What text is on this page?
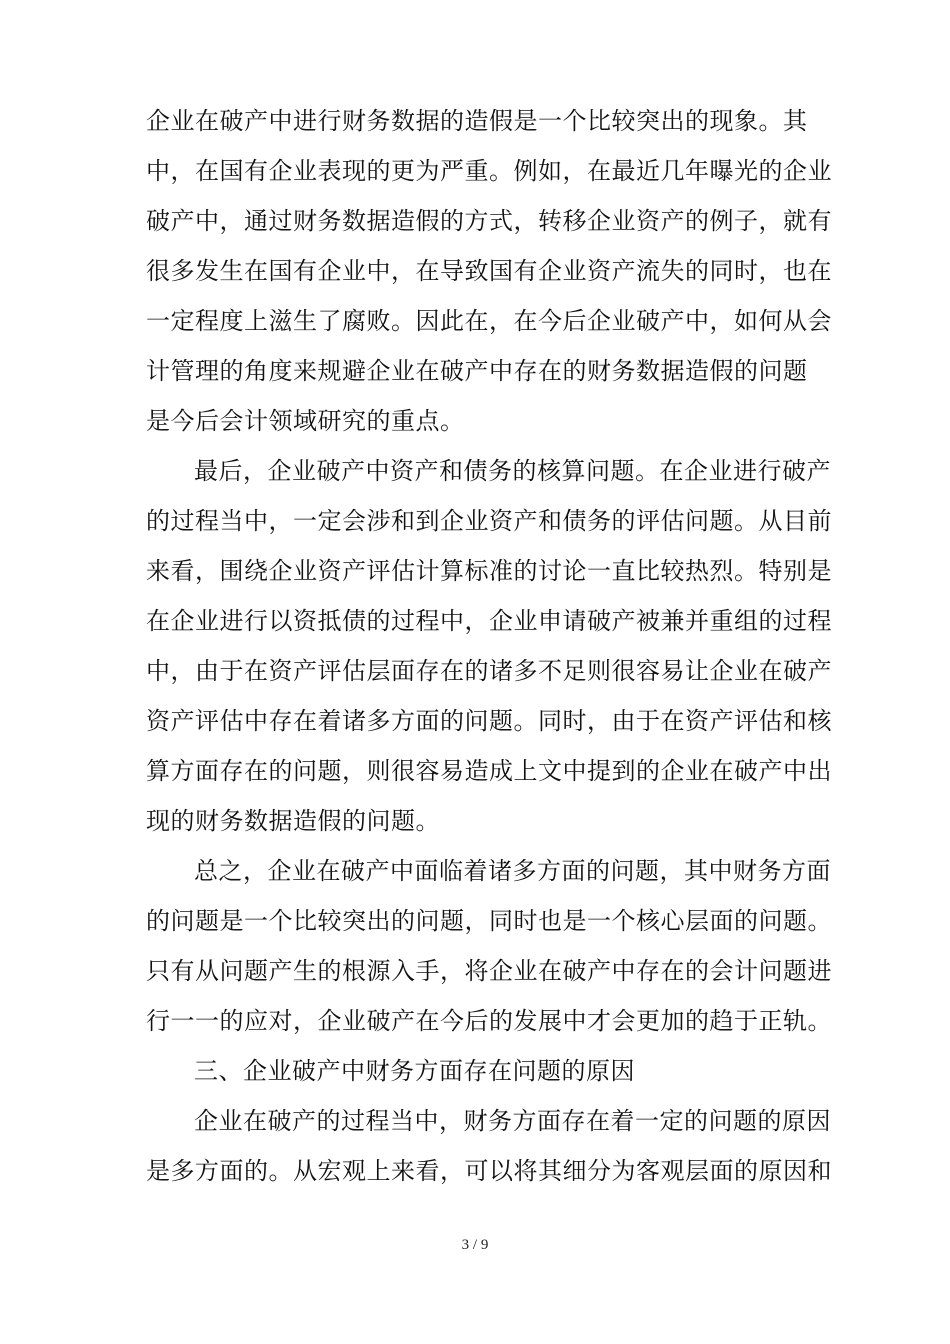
企业在破产中进行财务数据的造假是一个比较突出的现象。其
中，在国有企业表现的更为严重。例如，在最近几年曝光的企业
破产中，通过财务数据造假的方式，转移企业资产的例子，就有
很多发生在国有企业中，在导致国有企业资产流失的同时，也在
一定程度上滋生了腐败。因此在，在今后企业破产中，如何从会
计管理的角度来规避企业在破产中存在的财务数据造假的问题
是今后会计领域研究的重点。
最后，企业破产中资产和债务的核算问题。在企业进行破产
的过程当中，一定会涉和到企业资产和债务的评估问题。从目前
来看，围绕企业资产评估计算标准的讨论一直比较热烈。特别是
在企业进行以资抵债的过程中，企业申请破产被兼并重组的过程
中，由于在资产评估层面存在的诸多不足则很容易让企业在破产
资产评估中存在着诸多方面的问题。同时，由于在资产评估和核
算方面存在的问题，则很容易造成上文中提到的企业在破产中出
现的财务数据造假的问题。
总之，企业在破产中面临着诸多方面的问题，其中财务方面
的问题是一个比较突出的问题，同时也是一个核心层面的问题。
只有从问题产生的根源入手，将企业在破产中存在的会计问题进
行一一的应对，企业破产在今后的发展中才会更加的趋于正轨。
三、企业破产中财务方面存在问题的原因
企业在破产的过程当中，财务方面存在着一定的问题的原因
是多方面的。从宏观上来看，可以将其细分为客观层面的原因和
3 / 9
